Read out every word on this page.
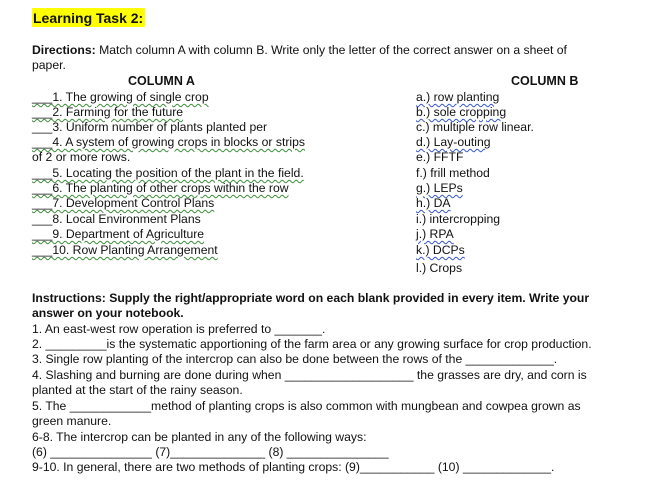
Learning Task 2:
Directions: Match column A with column B. Write only the letter of the correct answer on a sheet of
paper.
COLUMN A	COLUMN B
___1. The growing of single crop
___2. Farming for the future
___3. Uniform number of plants planted per
___4. A system of growing crops in blocks or strips
of 2 or more rows.
___5. Locating the position of the plant in the field.
___6. The planting of other crops within the row
___7. Development Control Plans
___8. Local Environment Plans
___9. Department of Agriculture
___10. Row Planting Arrangement
a.) row planting
b.) sole cropping
c.) multiple row linear.
d.) Lay-outing
e.) FFTF
f.) frill method
g.) LEPs
h.) DA
i.) intercropping
j.) RPA
k.) DCPs
l.) Crops
Instructions: Supply the right/appropriate word on each blank provided in every item. Write your
answer on your notebook.
1. An east-west row operation is preferred to _______.
2. _________is the systematic apportioning of the farm area or any growing surface for crop production.
3. Single row planting of the intercrop can also be done between the rows of the _____________.
4. Slashing and burning are done during when ___________________ the grasses are dry, and corn is
planted at the start of the rainy season.
5. The ____________method of planting crops is also common with mungbean and cowpea grown as
green manure.
6-8. The intercrop can be planted in any of the following ways:
(6) _______________ (7)______________ (8) _______________
9-10. In general, there are two methods of planting crops: (9)___________ (10) _____________.
